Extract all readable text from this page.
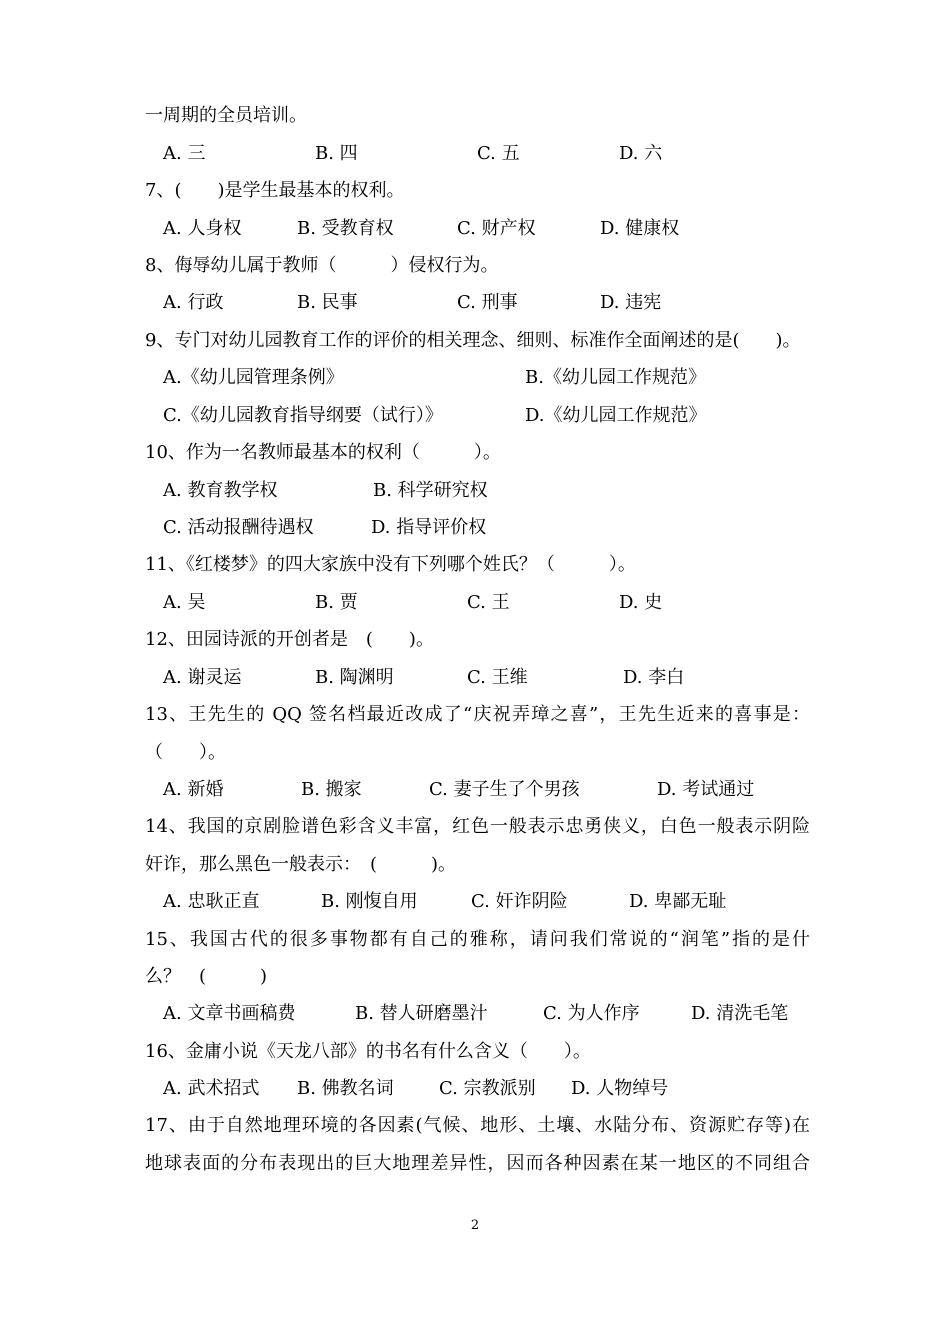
一周期的全员培训。
A. 三	B. 四	C. 五	D. 六
7、(　　)是学生最基本的权利。
A. 人身权	B. 受教育权	C. 财产权	D. 健康权
8、侮辱幼儿属于教师（　　　）侵权行为。
A. 行政	B. 民事	C. 刑事	D. 违宪
9、专门对幼儿园教育工作的评价的相关理念、细则、标准作全面阐述的是(　　)。
A.《幼儿园管理条例》	B.《幼儿园工作规范》
C.《幼儿园教育指导纲要（试行）》	D.《幼儿园工作规范》
10、作为一名教师最基本的权利（　　　）。
A. 教育教学权	B. 科学研究权
C. 活动报酬待遇权	D. 指导评价权
11、《红楼梦》的四大家族中没有下列哪个姓氏？（　　　）。
A. 吴	B. 贾	C. 王	D. 史
12、田园诗派的开创者是　(　　)。
A. 谢灵运	B. 陶渊明	C. 王维	D. 李白
13、王先生的 QQ 签名档最近改成了“庆祝弄璋之喜”，王先生近来的喜事是：
（　　）。
A. 新婚	B. 搬家	C. 妻子生了个男孩	D. 考试通过
14、我国的京剧脸谱色彩含义丰富，红色一般表示忠勇侠义，白色一般表示阴险
奸诈，那么黑色一般表示：　(　　　)。
A. 忠耿正直	B. 刚愎自用	C. 奸诈阴险	D. 卑鄙无耻
15、我国古代的很多事物都有自己的雅称，请问我们常说的“润笔”指的是什
么？　(　　　)
A. 文章书画稿费	B. 替人研磨墨汁	C. 为人作序	D. 清洗毛笔
16、金庸小说《天龙八部》的书名有什么含义（　　）。
A. 武术招式 B. 佛教名词	C. 宗教派别 D. 人物绰号
17、由于自然地理环境的各因素(气候、地形、土壤、水陆分布、资源贮存等)在
地球表面的分布表现出的巨大地理差异性，因而各种因素在某一地区的不同组合
2
